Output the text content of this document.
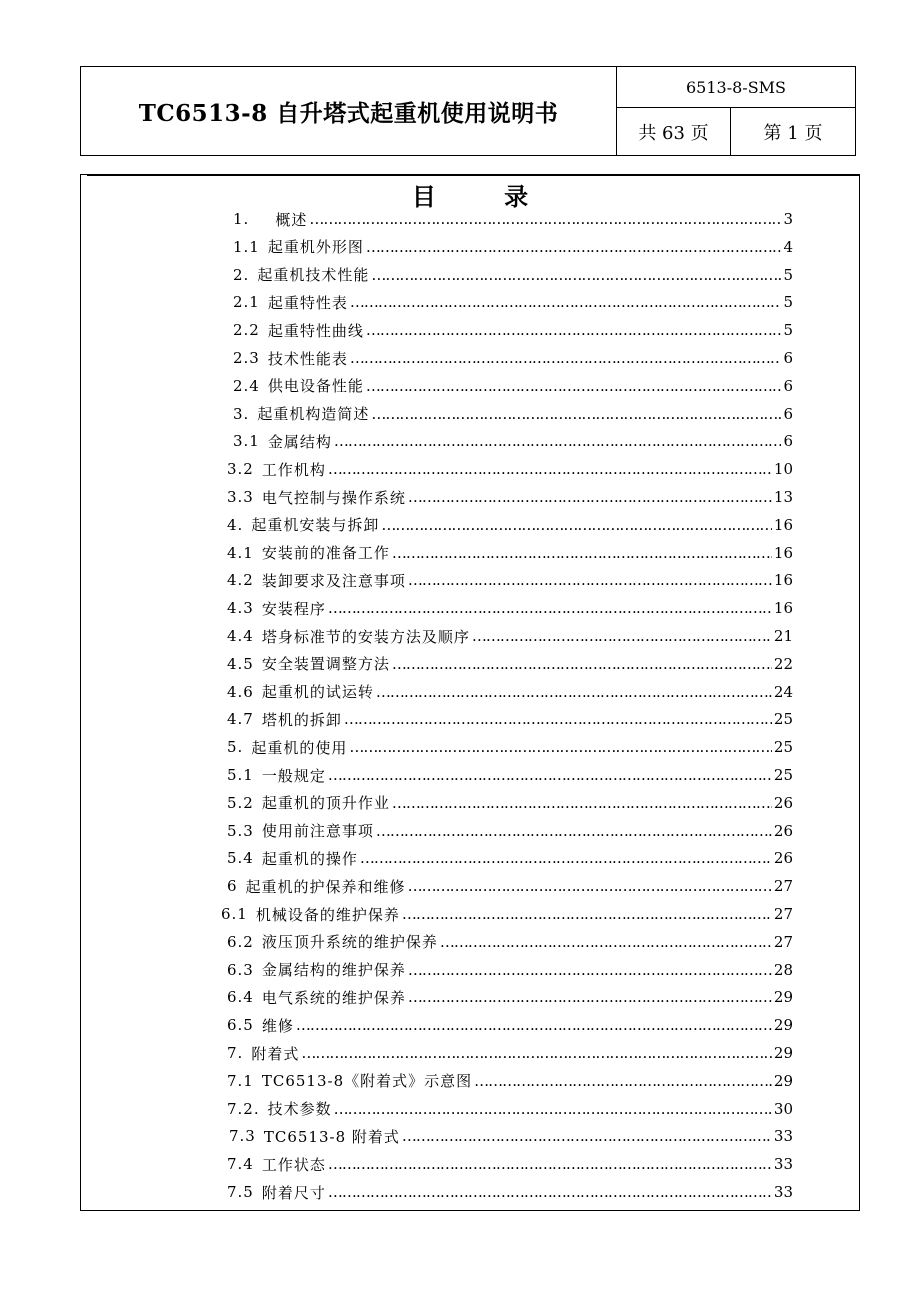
TC6513-8 自升塔式起重机使用说明书
6513-8-SMS
共 63 页	第 1 页
目 录
1. 概述 …………………………………………………………………………………………………………………………………………………………………………	3
1.1 起重机外形图 …………………………………………………………………………………………………………………………………………………………………………	4
2. 起重机技术性能 …………………………………………………………………………………………………………………………………………………………………………	5
2.1 起重特性表 …………………………………………………………………………………………………………………………………………………………………………	5
2.2 起重特性曲线 …………………………………………………………………………………………………………………………………………………………………………	5
2.3 技术性能表 …………………………………………………………………………………………………………………………………………………………………………	6
2.4 供电设备性能 …………………………………………………………………………………………………………………………………………………………………………	6
3. 起重机构造简述 …………………………………………………………………………………………………………………………………………………………………………	6
3.1 金属结构 …………………………………………………………………………………………………………………………………………………………………………	6
3.2 工作机构 …………………………………………………………………………………………………………………………………………………………………………	10
3.3 电气控制与操作系统 …………………………………………………………………………………………………………………………………………………………………………	13
4. 起重机安装与拆卸 …………………………………………………………………………………………………………………………………………………………………………	16
4.1 安装前的准备工作 …………………………………………………………………………………………………………………………………………………………………………	16
4.2 装卸要求及注意事项 …………………………………………………………………………………………………………………………………………………………………………	16
4.3 安装程序 …………………………………………………………………………………………………………………………………………………………………………	16
4.4 塔身标准节的安装方法及顺序 …………………………………………………………………………………………………………………………………………………………………………	21
4.5 安全装置调整方法 …………………………………………………………………………………………………………………………………………………………………………	22
4.6 起重机的试运转 …………………………………………………………………………………………………………………………………………………………………………	24
4.7 塔机的拆卸 …………………………………………………………………………………………………………………………………………………………………………	25
5. 起重机的使用 …………………………………………………………………………………………………………………………………………………………………………	25
5.1 一般规定 …………………………………………………………………………………………………………………………………………………………………………	25
5.2 起重机的顶升作业 …………………………………………………………………………………………………………………………………………………………………………	26
5.3 使用前注意事项 …………………………………………………………………………………………………………………………………………………………………………	26
5.4 起重机的操作 …………………………………………………………………………………………………………………………………………………………………………	26
6 起重机的护保养和维修 …………………………………………………………………………………………………………………………………………………………………………	27
6.1 机械设备的维护保养 …………………………………………………………………………………………………………………………………………………………………………	27
6.2 液压顶升系统的维护保养 …………………………………………………………………………………………………………………………………………………………………………	27
6.3 金属结构的维护保养 …………………………………………………………………………………………………………………………………………………………………………	28
6.4 电气系统的维护保养 …………………………………………………………………………………………………………………………………………………………………………	29
6.5 维修 …………………………………………………………………………………………………………………………………………………………………………	29
7. 附着式 …………………………………………………………………………………………………………………………………………………………………………	29
7.1 TC6513-8《附着式》示意图 …………………………………………………………………………………………………………………………………………………………………………	29
7.2. 技术参数 …………………………………………………………………………………………………………………………………………………………………………	30
7.3 TC6513-8 附着式 …………………………………………………………………………………………………………………………………………………………………………	33
7.4 工作状态 …………………………………………………………………………………………………………………………………………………………………………	33
7.5 附着尺寸 …………………………………………………………………………………………………………………………………………………………………………	33
